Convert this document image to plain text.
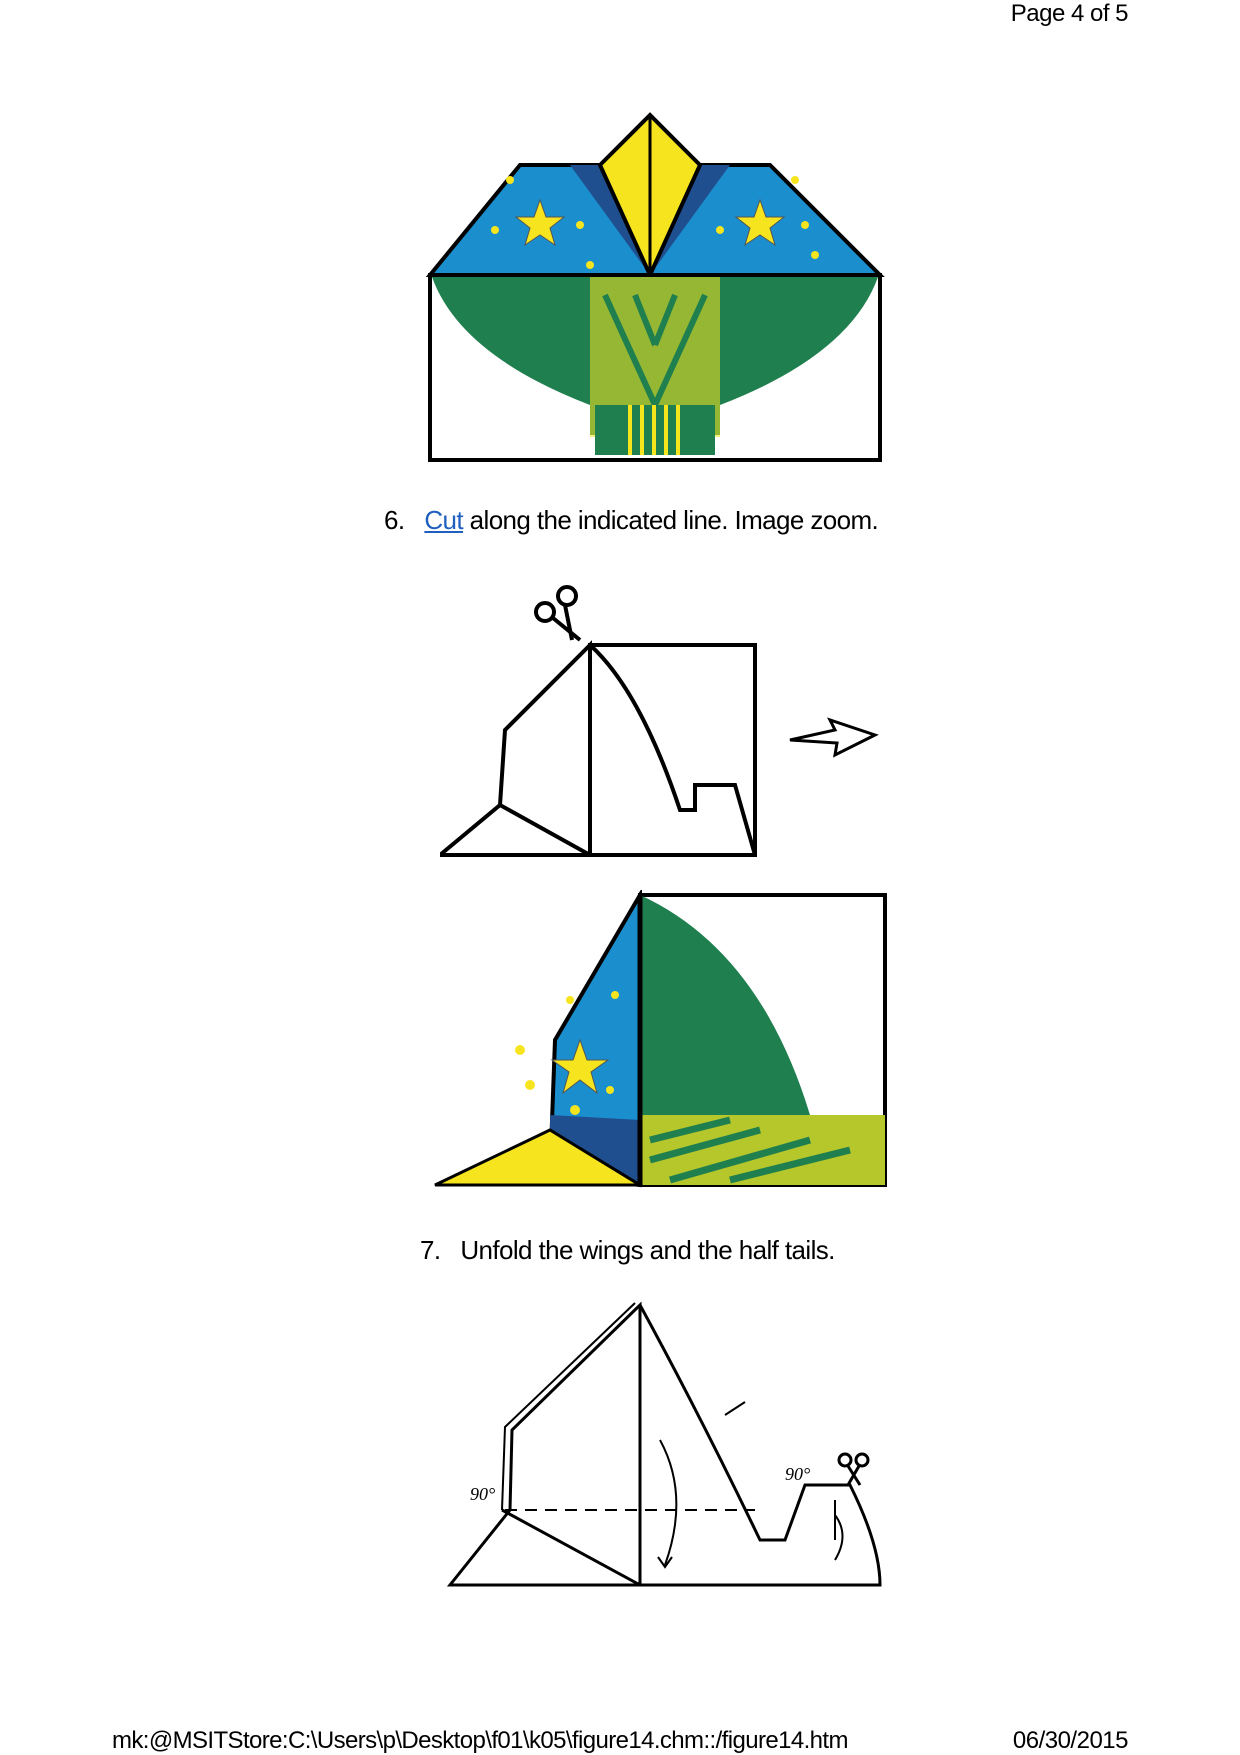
Page 4 of 5
6. Cut along the indicated line. Image zoom.
7. Unfold the wings and the half tails.
90°
90°
mk:@MSITStore:C:\Users\p\Desktop\f01\k05\figure14.chm::/figure14.htm	06/30/2015
